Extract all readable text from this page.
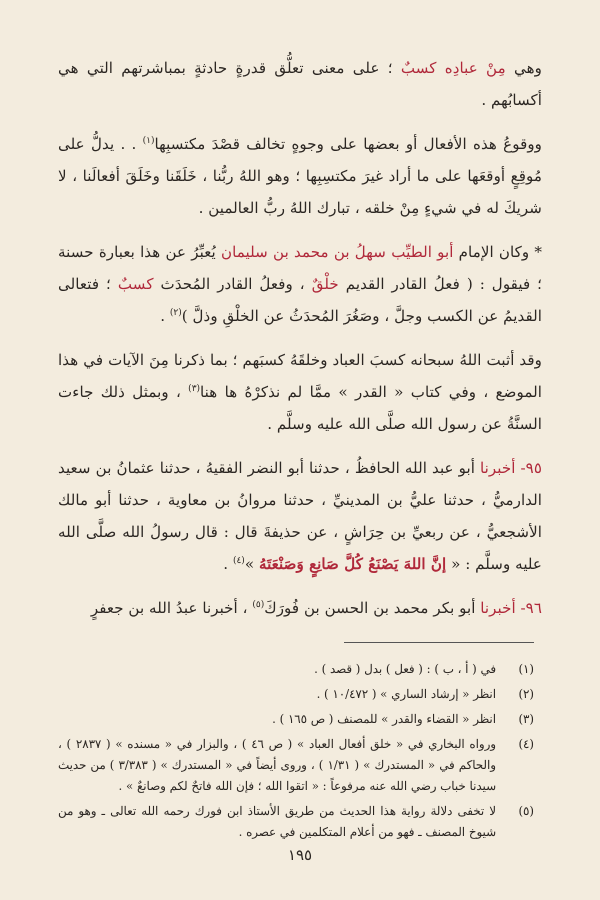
وهي مِنْ عبادِه كسبٌ ؛ على معنى تعلُّق قدرةٍ حادثةٍ بمباشرتهم التي هي أكسابُهم .

ووقوعُ هذه الأفعال أو بعضها على وجوهٍ تخالف قصْدَ مكتسبِها$^{(١)}$ . . يدلُّ على مُوقِعٍ أوقعَها على ما أراد غيرَ مكتسِبِها ؛ وهو اللهُ ربُّنا ، خَلَقَنا وخَلَقَ أفعالَنا ، لا شريكَ له في شيءٍ مِنْ خلقه ، تبارك اللهُ ربُّ العالمين .

* وكان الإمام أبو الطيِّب سهلُ بن محمد بن سليمان يُعبِّرُ عن هذا بعبارة حسنة ؛ فيقول : ( فعلُ القادر القديم خلْقٌ ، وفعلُ القادر المُحدَث كسبٌ ؛ فتعالى القديمُ عن الكسب وجلَّ ، وصَغُرَ المُحدَثُ عن الخلْقِ وذلَّ )$^{(٢)}$ .

وقد أثبت اللهُ سبحانه كسبَ العباد وخلقَهُ كسبَهم ؛ بما ذكرنا مِنَ الآيات في هذا الموضع ، وفي كتاب « القدر » ممَّا لم نذكرْهُ ها هنا$^{(٣)}$ ، وبمثل ذلك جاءت السنَّةُ عن رسول الله صلَّى الله عليه وسلَّم .

٩٥- أخبرنا أبو عبد الله الحافظُ ، حدثنا أبو النضر الفقيهُ ، حدثنا عثمانُ بن سعيد الدارميُّ ، حدثنا عليُّ بن المدينيِّ ، حدثنا مروانُ بن معاوية ، حدثنا أبو مالك الأشجعيُّ ، عن ربعيِّ بن حِرَاشٍ ، عن حذيفةَ قال : قال رسولُ الله صلَّى الله عليه وسلَّم : « إنَّ اللهَ يَصْنَعُ كُلَّ صَانِعٍ وَصَنْعَتَهُ »$^{(٤)}$ .

٩٦- أخبرنا أبو بكر محمد بن الحسن بن فُورَكَ$^{(٥)}$ ، أخبرنا عبدُ الله بن جعفرٍ

(١)
في ( أ ، ب ) : ( فعل ) بدل ( قصد ) .
(٢)
انظر « إرشاد الساري » ( ١٠/٤٧٢ ) .
(٣)
انظر « القضاء والقدر » للمصنف ( ص ١٦٥ ) .
(٤)
ورواه البخاري في « خلق أفعال العباد » ( ص ٤٦ ) ، والبزار في « مسنده » ( ٢٨٣٧ ) ، والحاكم في « المستدرك » ( ١/٣١ ) ، وروى أيضاً في « المستدرك » ( ٣/٣٨٣ ) من حديث سيدنا خباب رضي الله عنه مرفوعاً : « اتقوا الله ؛ فإن الله فاتحٌ لكم وصانعٌ » .
(٥)
لا تخفى دلالة رواية هذا الحديث من طريق الأستاذ ابن فورك رحمه الله تعالى ـ وهو من شيوخ المصنف ـ فهو من أعلام المتكلمين في عصره .
١٩٥
